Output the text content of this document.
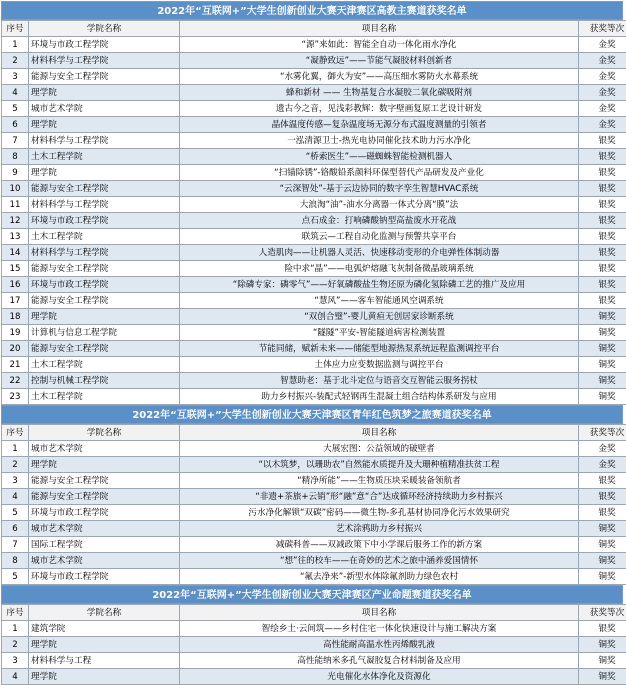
2022年“互联网+”大学生创新创业大赛天津赛区高教主赛道获奖名单
序号	学院名称	项目名称	获奖等次
1	环境与市政工程学院	“源”来如此：智能全自动一体化雨水净化	金奖
2	材料科学与工程学院	“凝静致远”——节能气凝胶材料创新者	金奖
3	能源与安全工程学院	“水雾化翼，御火为安”——高压细水雾防火水幕系统	金奖
4	理学院	蜂和新材 —— 生物基复合水凝胶二氧化碳吸附剂	金奖
5	城市艺术学院	遗古今之音，见浅彩教辉：数字壁画复原工艺设计研发	金奖
6	理学院	晶体温度传感—复杂温度场无源分布式温度测量的引领者	金奖
7	材料科学与工程学院	一泓清源卫士-热光电协同催化技术助力污水净化	银奖
8	土木工程学院	“桥索医生”——磁蜘蛛智能检测机器人	银奖
9	理学院	“扫锚除锈”-铬酸铅系颜料环保型替代产品研发及产业化	银奖
10	能源与安全工程学院	“云深智处”-基于云边协同的数字孪生智慧HVAC系统	银奖
11	材料科学与工程学院	大浪淘“油”-油水分离器一体式分离“膜”法	银奖
12	环境与市政工程学院	点石成金：打响磷酸钠型高盐废水开花战	银奖
13	土木工程学院	联筑云—工程自动化监测与预警共享平台	银奖
14	材料科学与工程学院	人造肌肉——让机器人灵活、快速移动变形的介电弹性体制动器	银奖
15	能源与安全工程学院	险中求“晶”——电弧炉熔融飞灰制备微晶玻璃系统	银奖
16	环境与市政工程学院	“除磷专家：磷零气”——好氧磷酸盐生物还原为磷化氢除磷工艺的推广及应用	银奖
17	能源与安全工程学院	“慧风”——客车智能通风空调系统	银奖
18	理学院	“双创合璧”-婴儿黄疸无创居家诊断系统	铜奖
19	计算机与信息工程学院	“隧隧”平安-智能隧道病害检测装置	铜奖
20	能源与安全工程学院	节能同储，赋新未来——储能型地源热泵系统远程监测调控平台	铜奖
21	土木工程学院	土体应力应变数据监测与调控平台	铜奖
22	控制与机械工程学院	智慧助老：基于北斗定位与语音交互智能云服务拐杖	铜奖
23	土木工程学院	助力乡村振兴-装配式轻钢再生混凝土组合结构体系研发与应用	铜奖
2022年“互联网+”大学生创新创业大赛天津赛区青年红色筑梦之旅赛道获奖名单
序号	学院名称	项目名称	获奖等次
1	城市艺术学院	大展宏图：公益领域的破壁者	金奖
2	理学院	“以木筑梦，以珊助农”自然能水质提升及大珊种植精准扶贫工程	金奖
3	能源与安全工程学院	“精净所能”——生物质压块采暖装备领航者	银奖
4	能源与安全工程学院	“非遗+茶旅+云销”形“融”意“合”达成循环经济持续助力乡村振兴	银奖
5	环境与市政工程学院	污水净化解锁“双碳”密码——微生物-多孔基材协同净化污水效果研究	银奖
6	城市艺术学院	艺术涂鸦助力乡村振兴	铜奖
7	国际工程学院	减碳科普——双减政策下中小学课后服务工作的新方案	铜奖
8	城市艺术学院	“想”往的校车——在奇妙的艺术之旅中涵养爱国情怀	铜奖
5	环境与市政工程学院	“氟去净来”-新型水体除氟剂助力绿色农村	铜奖
2022年“互联网+”大学生创新创业大赛天津赛区产业命题赛道获奖名单
序号	学院名称	项目名称	获奖等次
1	建筑学院	智绘乡土·云间筑——乡村住宅一体化快速设计与施工解决方案	银奖
2	理学院	高性能耐高温水性丙烯酸乳液	铜奖
3	材料科学与工程	高性能纳米多孔气凝胶复合材料制备及应用	铜奖
4	理学院	光电催化水体净化及资源化	铜奖
